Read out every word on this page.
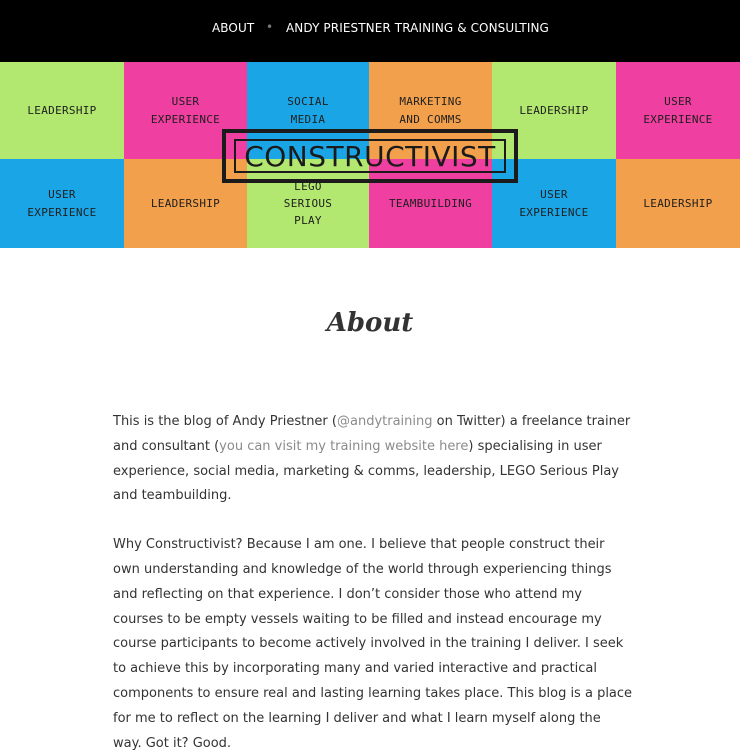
ABOUT • ANDY PRIESTNER TRAINING & CONSULTING
LEADERSHIP
USER
EXPERIENCE
SOCIAL
MEDIA
MARKETING
AND COMMS
LEADERSHIP
USER
EXPERIENCE
USER
EXPERIENCE
LEADERSHIP
LEGO
SERIOUS
PLAY
TEAMBUILDING
USER
EXPERIENCE
LEADERSHIP
CONSTRUCTIVIST
About

This is the blog of Andy Priestner (@andytraining on Twitter) a freelance trainer and consultant (you can visit my training website here) specialising in user experience, social media, marketing & comms, leadership, LEGO Serious Play and teambuilding.

Why Constructivist? Because I am one. I believe that people construct their own understanding and knowledge of the world through experiencing things and reflecting on that experience. I don’t consider those who attend my courses to be empty vessels waiting to be filled and instead encourage my course participants to become actively involved in the training I deliver. I seek to achieve this by incorporating many and varied interactive and practical components to ensure real and lasting learning takes place. This blog is a place for me to reflect on the learning I deliver and what I learn myself along the way. Got it? Good.
